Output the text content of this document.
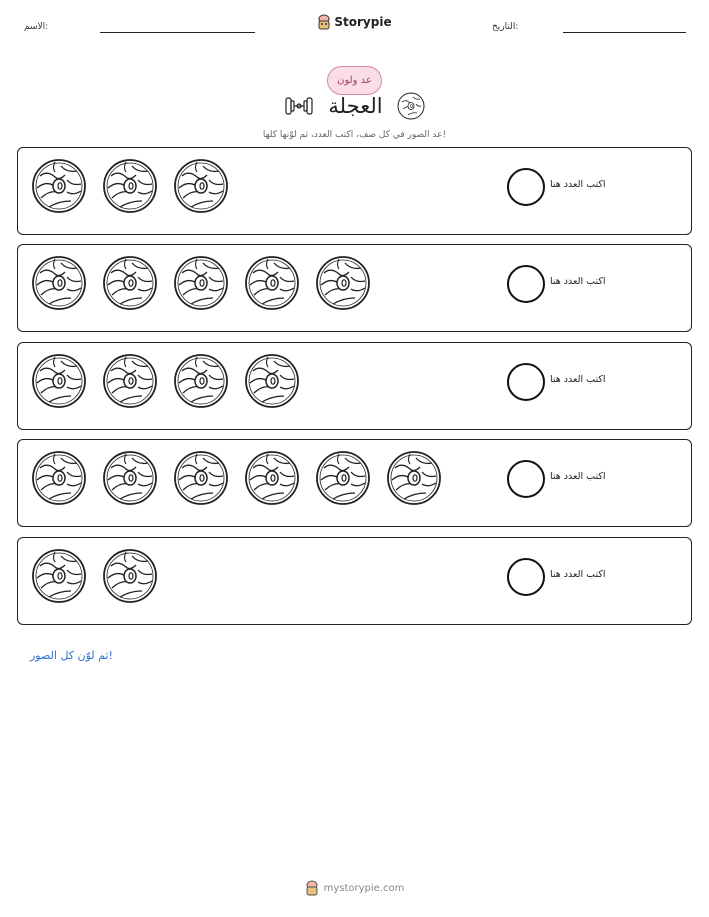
الاسم:	Storypie	التاريخ:
عد ولون
العجلة
عد الصور في كل صف، اكتب العدد، ثم لوّنها كلها!
اكتب العدد هنا
اكتب العدد هنا
اكتب العدد هنا
اكتب العدد هنا
اكتب العدد هنا
ثم لوّن كل الصور!
mystorypie.com
